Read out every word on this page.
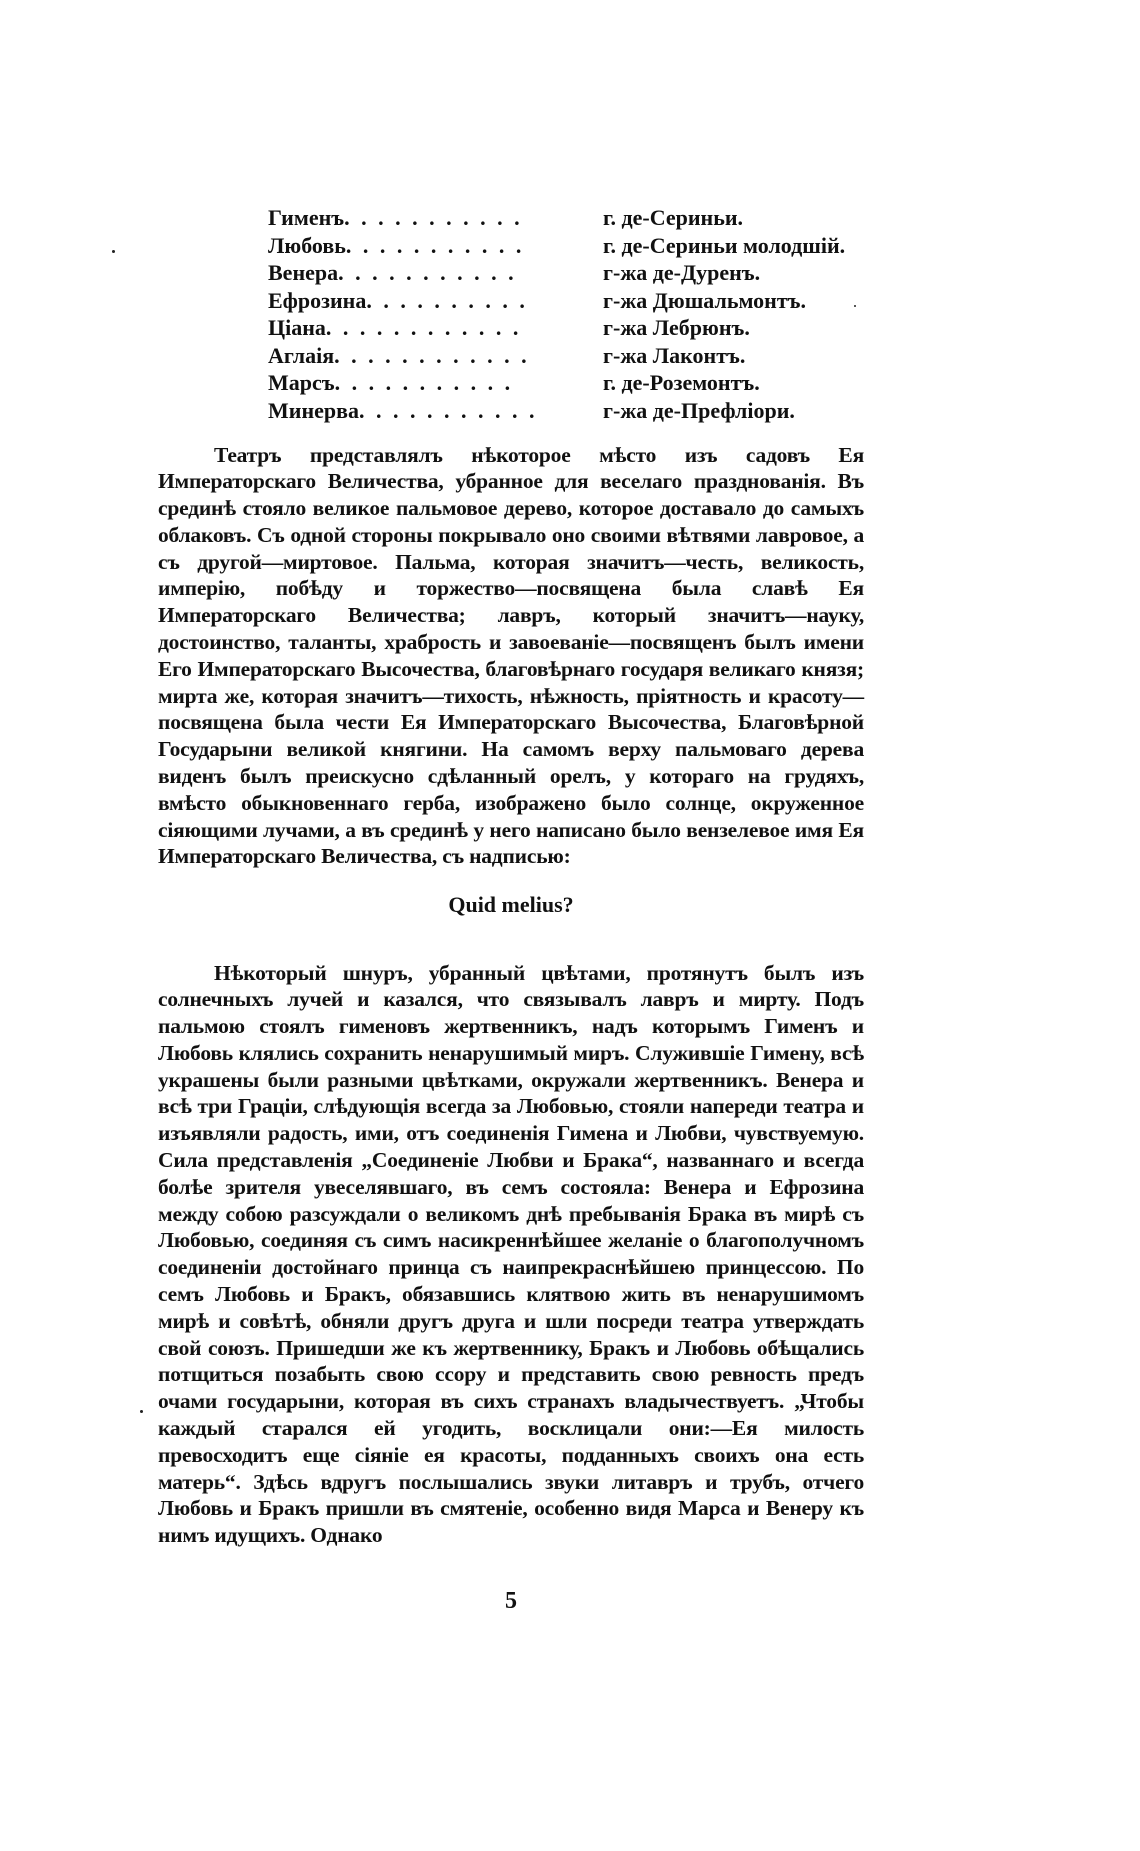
Гименъ . . . . . . . . . . .	г. де-Сериньи.
Любовь . . . . . . . . . . .	г. де-Сериньи молодшій.
Венера . . . . . . . . . . .	г-жа де-Дуренъ.
Ефрозина . . . . . . . . . .	г-жа Дюшальмонтъ.
Ціана . . . . . . . . . . . .	г-жа Лебрюнъ.
Аглаія . . . . . . . . . . . .	г-жа Лаконтъ.
Марсъ . . . . . . . . . . .	г. де-Роземонтъ.
Минерва . . . . . . . . . . .	г-жа де-Префліори.

Театръ представлялъ нѣкоторое мѣсто изъ садовъ Ея Императорскаго Величества, убранное для веселаго празднованія. Въ срединѣ стояло великое пальмовое дерево, которое доставало до самыхъ облаковъ. Съ одной стороны покрывало оно своими вѣтвями лавровое, а съ другой—миртовое. Пальма, которая значитъ—честь, великость, имперію, побѣду и торжество—посвящена была славѣ Ея Императорскаго Величества; лавръ, который значитъ—науку, достоинство, таланты, храбрость и завоеваніе—посвященъ былъ имени Его Императорскаго Высочества, благовѣрнаго государя великаго князя; мирта же, которая значитъ—тихость, нѣжность, пріятность и красоту—посвящена была чести Ея Императорскаго Высочества, Благовѣрной Государыни великой княгини. На самомъ верху пальмоваго дерева виденъ былъ преискусно сдѣланный орелъ, у котораго на грудяхъ, вмѣсто обыкновеннаго герба, изображено было солнце, окруженное сіяющими лучами, а въ срединѣ у него написано было вензелевое имя Ея Императорскаго Величества, съ надписью:

Quid melius?

Нѣкоторый шнуръ, убранный цвѣтами, протянутъ былъ изъ солнечныхъ лучей и казался, что связывалъ лавръ и мирту. Подъ пальмою стоялъ гименовъ жертвенникъ, надъ которымъ Гименъ и Любовь клялись сохранить ненарушимый миръ. Служившіе Гимену, всѣ украшены были разными цвѣтками, окружали жертвенникъ. Венера и всѣ три Граціи, слѣдующія всегда за Любовью, стояли напереди театра и изъявляли радость, ими, отъ соединенія Гимена и Любви, чувствуемую. Сила представленія „Соединеніе Любви и Брака“, названнаго и всегда болѣе зрителя увеселявшаго, въ семъ состояла: Венера и Ефрозина между собою разсуждали о великомъ днѣ пребыванія Брака въ мирѣ съ Любовью, соединяя съ симъ насикреннѣйшее желаніе о благополучномъ соединеніи достойнаго принца съ наипрекраснѣйшею принцессою. По семъ Любовь и Бракъ, обязавшись клятвою жить въ ненарушимомъ мирѣ и совѣтѣ, обняли другъ друга и шли посреди театра утверждать свой союзъ. Пришедши же къ жертвеннику, Бракъ и Любовь обѣщались потщиться позабыть свою ссору и представить свою ревность предъ очами государыни, которая въ сихъ странахъ владычествуетъ. „Чтобы каждый старался ей угодить, восклицали они:—Ея милость превосходитъ еще сіяніе ея красоты, подданныхъ своихъ она есть матерь“. Здѣсь вдругъ послышались звуки литавръ и трубъ, отчего Любовь и Бракъ пришли въ смятеніе, особенно видя Марса и Венеру къ нимъ идущихъ. Однако

5
